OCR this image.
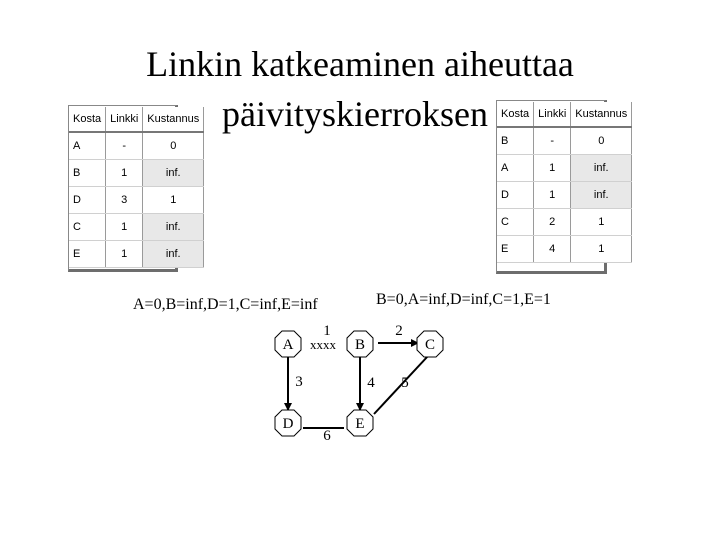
Linkin katkeaminen aiheuttaa
Kosta	Linkki	Kustannus
A	-	0
B	1	inf.
D	3	1
C	1	inf.
E	1	inf.
Kosta	Linkki	Kustannus
B	-	0
A	1	inf.
D	1	inf.
C	2	1
E	4	1
päivityskierroksen
A=0,B=inf,D=1,C=inf,E=inf	B=0,A=inf,D=inf,C=1,E=1
A	B	C
D	E
1
xxxx
2
3	4 5
6
